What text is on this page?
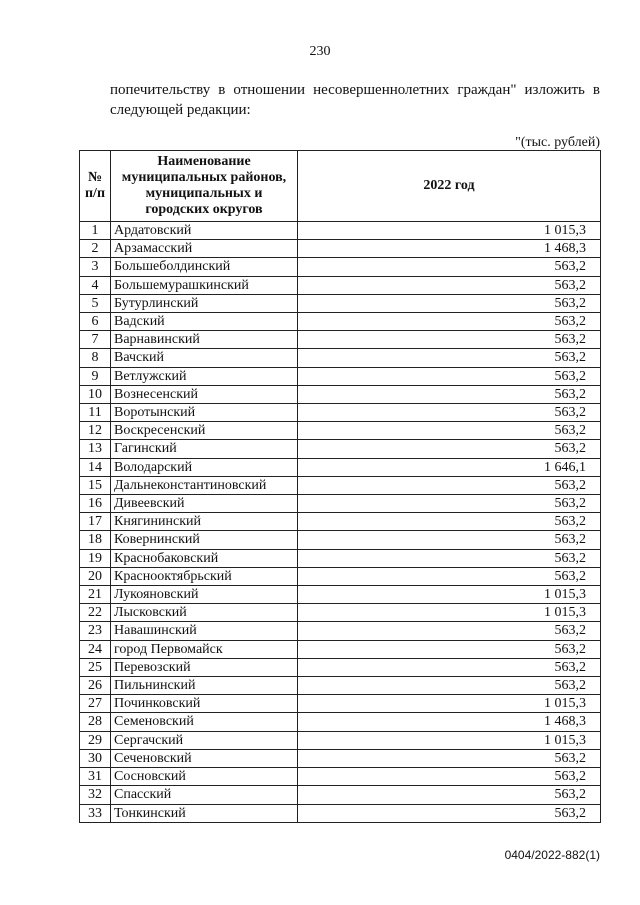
230
попечительству в отношении несовершеннолетних граждан" изложить в
следующей редакции:
"(тыс. рублей)
№ п/п	Наименование муниципальных районов, муниципальных и городских округов	2022 год
1	Ардатовский	1 015,3
2	Арзамасский	1 468,3
3	Большеболдинский	563,2
4	Большемурашкинский	563,2
5	Бутурлинский	563,2
6	Вадский	563,2
7	Варнавинский	563,2
8	Вачский	563,2
9	Ветлужский	563,2
10	Вознесенский	563,2
11	Воротынский	563,2
12	Воскресенский	563,2
13	Гагинский	563,2
14	Володарский	1 646,1
15	Дальнеконстантиновский	563,2
16	Дивеевский	563,2
17	Княгининский	563,2
18	Ковернинский	563,2
19	Краснобаковский	563,2
20	Краснооктябрьский	563,2
21	Лукояновский	1 015,3
22	Лысковский	1 015,3
23	Навашинский	563,2
24	город Первомайск	563,2
25	Перевозский	563,2
26	Пильнинский	563,2
27	Починковский	1 015,3
28	Семеновский	1 468,3
29	Сергачский	1 015,3
30	Сеченовский	563,2
31	Сосновский	563,2
32	Спасский	563,2
33	Тонкинский	563,2
0404/2022-882(1)
